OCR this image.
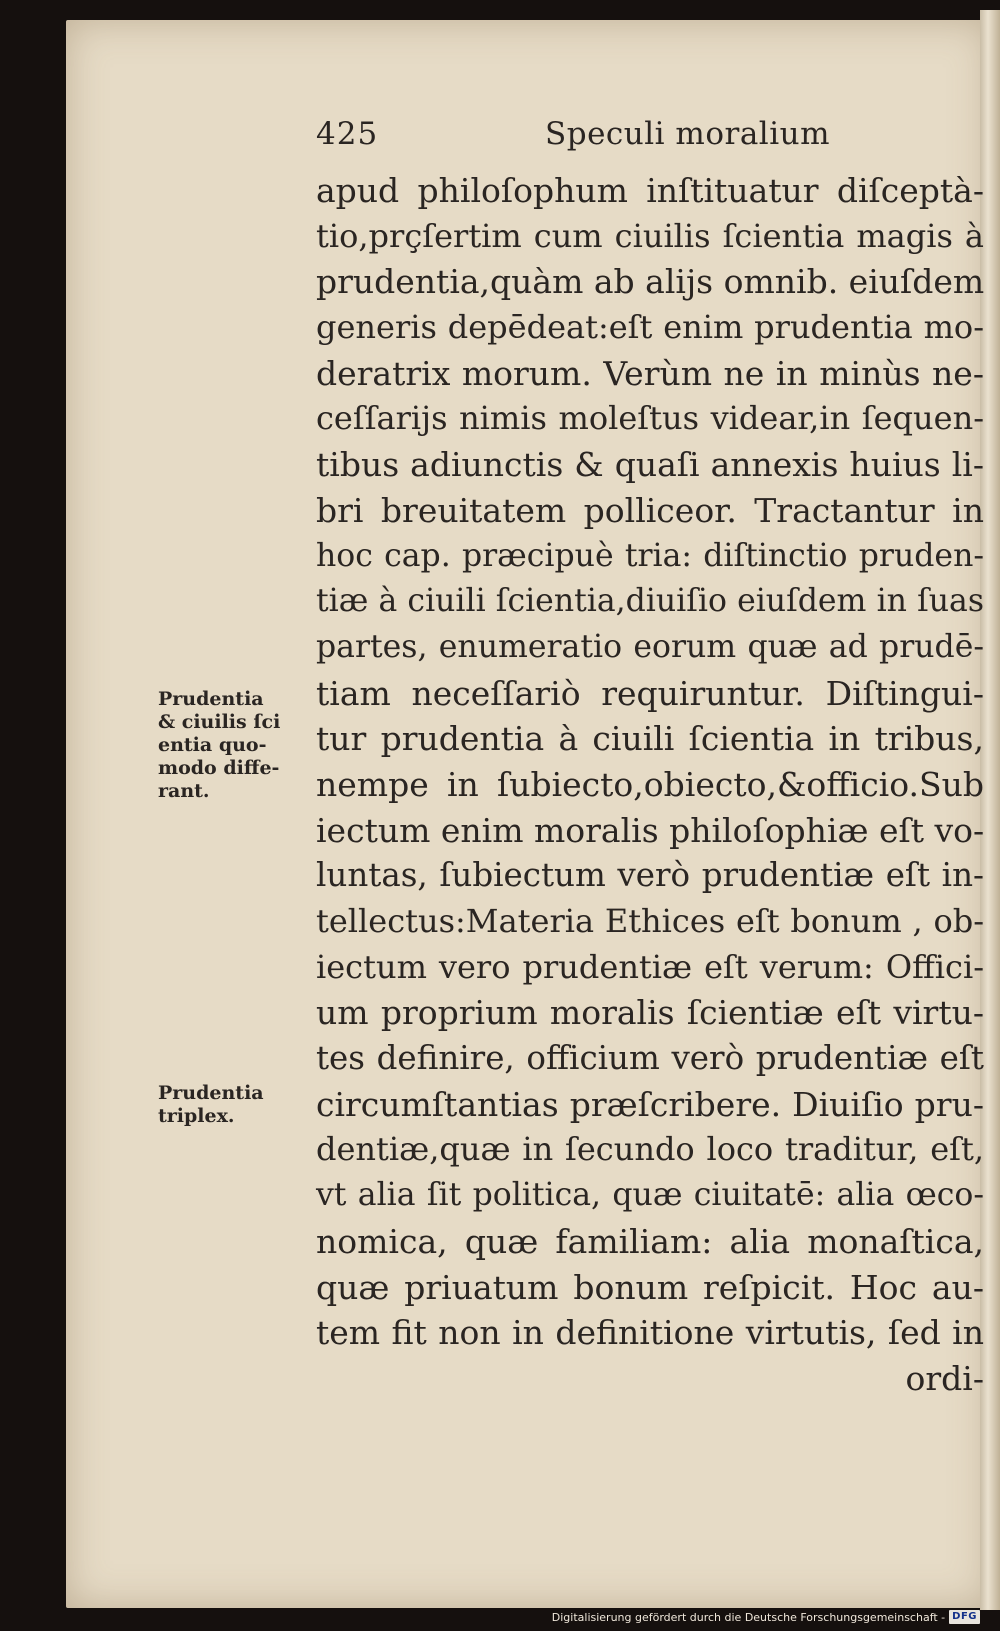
425	Speculi moralium
apud philoſophum inſtituatur diſceptà-
tio,prçſertim cum ciuilis ſcientia magis à
prudentia,quàm ab alijs omnib. eiuſdem
generis depēdeat:eſt enim prudentia mo-
deratrix morum. Verùm ne in minùs ne-
ceſſarijs nimis moleſtus videar,in ſequen-
tibus adiunctis & quaſi annexis huius li-
bri breuitatem polliceor. Tractantur in
hoc cap. præcipuè tria: diſtinctio pruden-
tiæ à ciuili ſcientia,diuiſio eiuſdem in ſuas
partes, enumeratio eorum quæ ad prudē-
tiam neceſſariò requiruntur. Diſtingui-
tur prudentia à ciuili ſcientia in tribus,
nempe in ſubiecto,obiecto,&officio.Sub
iectum enim moralis philoſophiæ eſt vo-
luntas, ſubiectum verò prudentiæ eſt in-
tellectus:Materia Ethices eſt bonum , ob-
iectum vero prudentiæ eſt verum: Offici-
um proprium moralis ſcientiæ eſt virtu-
tes definire, officium verò prudentiæ eſt
circumſtantias præſcribere. Diuiſio pru-
dentiæ,quæ in ſecundo loco traditur, eſt,
vt alia ſit politica, quæ ciuitatē: alia œco-
nomica, quæ familiam: alia monaſtica,
quæ priuatum bonum reſpicit. Hoc au-
tem fit non in definitione virtutis, ſed in
ordi-
Prudentia
& ciuilis ſci
entia quo-
modo diffe-
rant.
Prudentia
triplex.
Digitalisierung gefördert durch die Deutsche Forschungsgemeinschaft - DFG
